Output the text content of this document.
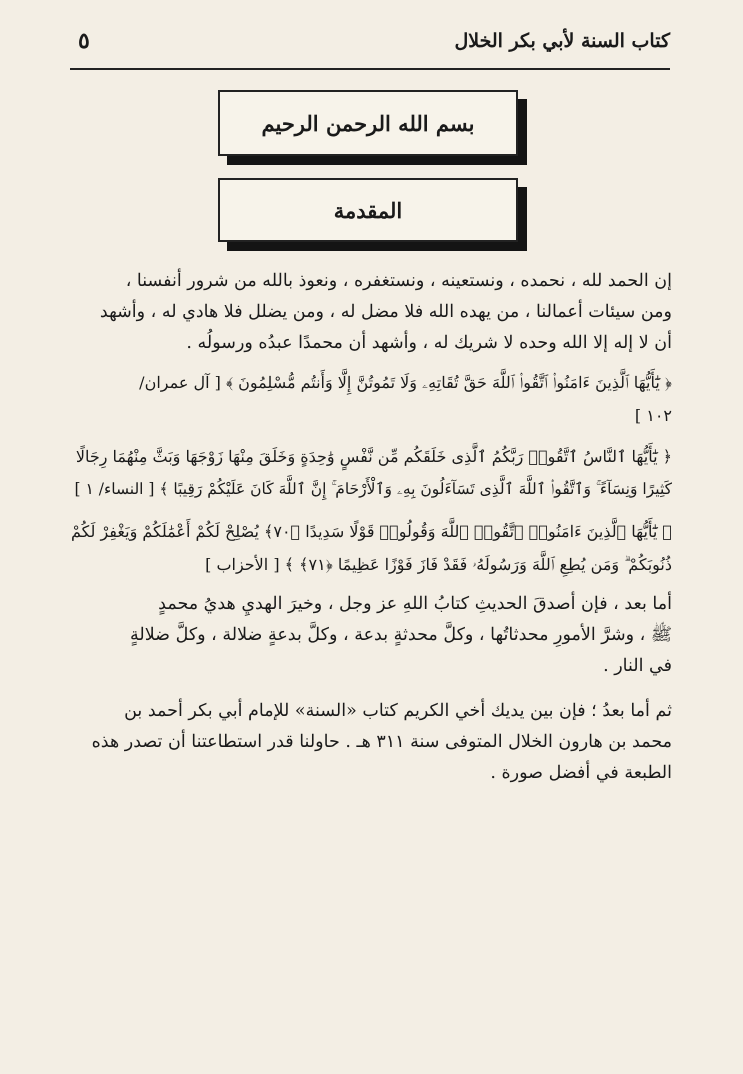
٥	كتاب السنة لأبي بكر الخلال
بسم الله الرحمن الرحيم
المقدمة
إن الحمد لله ، نحمده ، ونستعينه ، ونستغفره ، ونعوذ بالله من شرور أنفسنا ،
ومن سيئات أعمالنا ، من يهده الله فلا مضل له ، ومن يضلل فلا هادي له ، وأشهد
أن لا إله إلا الله وحده لا شريك له ، وأشهد أن محمدًا عبدُه ورسولُه .
﴿ يَٰٓأَيُّهَا ٱلَّذِينَ ءَامَنُوا۟ ٱتَّقُوا۟ ٱللَّهَ حَقَّ تُقَاتِهِۦ وَلَا تَمُوتُنَّ إِلَّا وَأَنتُم مُّسْلِمُونَ ﴾ [ آل عمران/
١٠٢ ]
﴿ يَٰٓأَيُّهَا ٱلنَّاسُ ٱتَّقُوا۟ رَبَّكُمُ ٱلَّذِى خَلَقَكُم مِّن نَّفْسٍ وَٰحِدَةٍ وَخَلَقَ مِنْهَا زَوْجَهَا وَبَثَّ مِنْهُمَا رِجَالًا
كَثِيرًا وَنِسَآءً ۚ وَٱتَّقُوا۟ ٱللَّهَ ٱلَّذِى تَسَآءَلُونَ بِهِۦ وَٱلْأَرْحَامَ ۚ إِنَّ ٱللَّهَ كَانَ عَلَيْكُمْ رَقِيبًا ﴾ [ النساء/ ١ ]
﴿ يَٰٓأَيُّهَا ٱلَّذِينَ ءَامَنُوا۟ ٱتَّقُوا۟ ٱللَّهَ وَقُولُوا۟ قَوْلًا سَدِيدًا ﴿٧٠﴾ يُصْلِحْ لَكُمْ أَعْمَٰلَكُمْ وَيَغْفِرْ لَكُمْ
ذُنُوبَكُمْ ۗ وَمَن يُطِعِ ٱللَّهَ وَرَسُولَهُۥ فَقَدْ فَازَ فَوْزًا عَظِيمًا ﴿٧١﴾ ﴾ [ الأحزاب ]
أما بعد ، فإن أصدقَ الحديثِ كتابُ اللهِ عز وجل ، وخيرَ الهديِ هديُ محمدٍ
ﷺ ، وشرَّ الأمورِ محدثاتُها ، وكلَّ محدثةٍ بدعة ، وكلَّ بدعةٍ ضلالة ، وكلَّ ضلالةٍ
في النار .
ثم أما بعدُ ؛ فإن بين يديك أخي الكريم كتاب «السنة» للإمام أبي بكر أحمد بن
محمد بن هارون الخلال المتوفى سنة ٣١١ هـ . حاولنا قدر استطاعتنا أن تصدر هذه
الطبعة في أفضل صورة .
